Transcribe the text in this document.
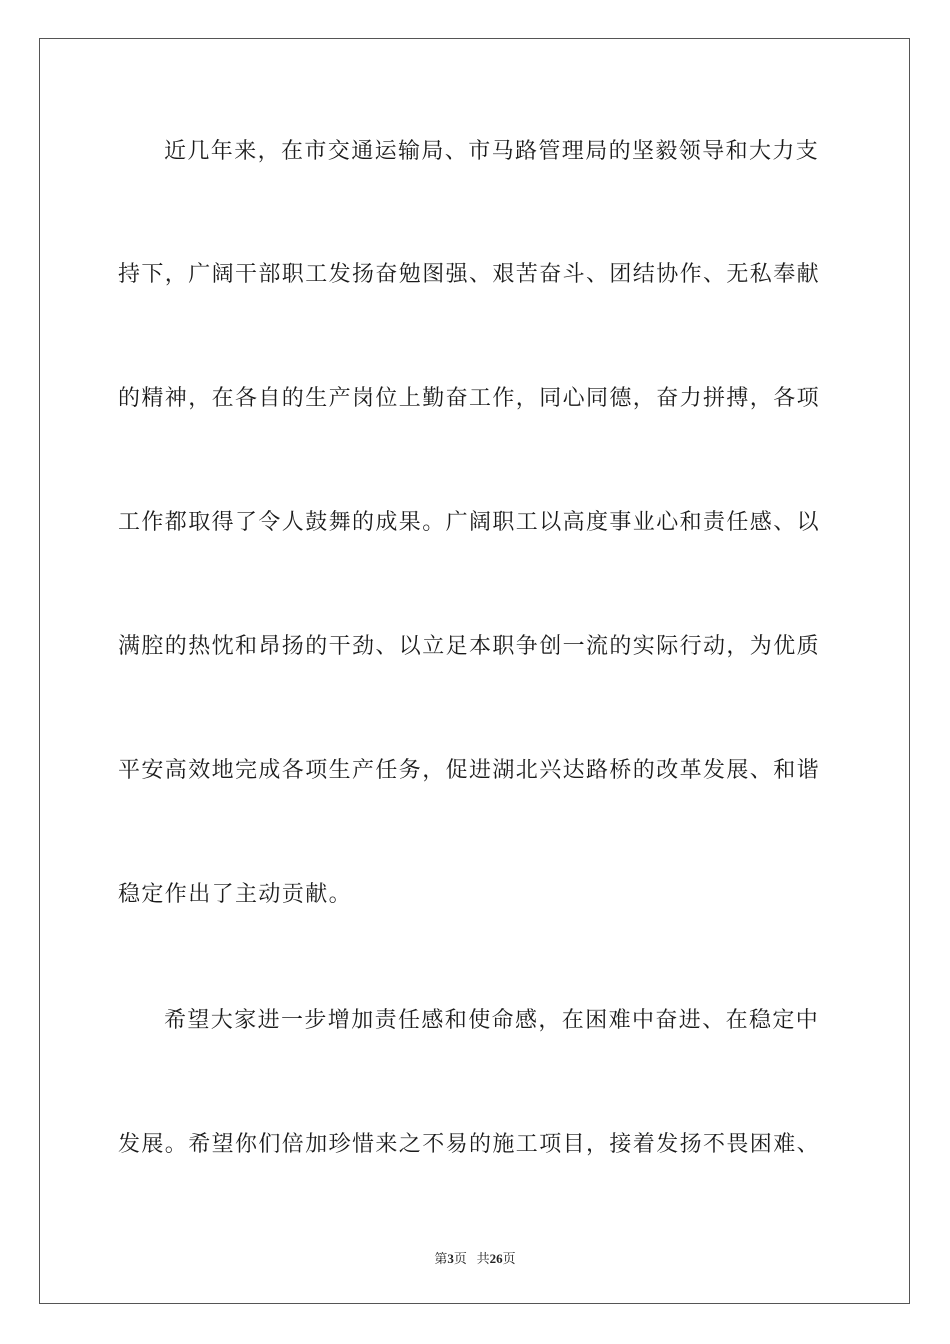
近几年来，在市交通运输局、市马路管理局的坚毅领导和大力支
持下，广阔干部职工发扬奋勉图强、艰苦奋斗、团结协作、无私奉献
的精神，在各自的生产岗位上勤奋工作，同心同德，奋力拼搏，各项
工作都取得了令人鼓舞的成果。广阔职工以高度事业心和责任感、以
满腔的热忱和昂扬的干劲、以立足本职争创一流的实际行动，为优质
平安高效地完成各项生产任务，促进湖北兴达路桥的改革发展、和谐
稳定作出了主动贡献。
希望大家进一步增加责任感和使命感，在困难中奋进、在稳定中
发展。希望你们倍加珍惜来之不易的施工项目，接着发扬不畏困难、
第3页 共26页
